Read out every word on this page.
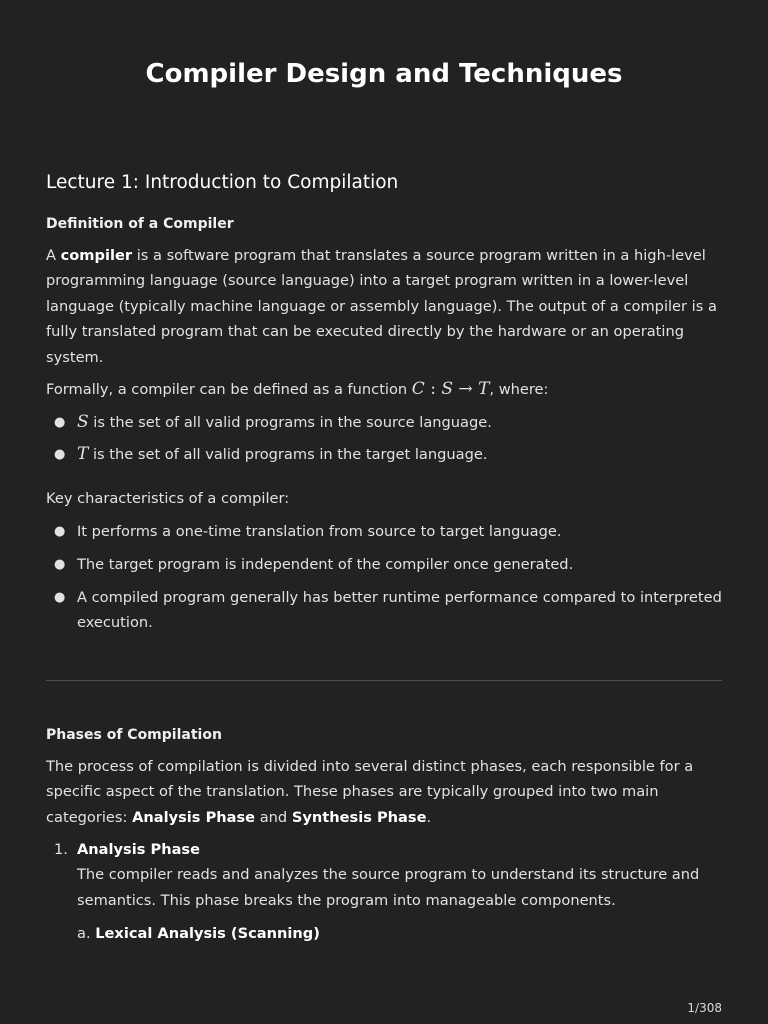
Compiler Design and Techniques
Lecture 1: Introduction to Compilation
Definition of a Compiler
A compiler is a software program that translates a source program written in a high-level programming language (source language) into a target program written in a lower-level language (typically machine language or assembly language). The output of a compiler is a fully translated program that can be executed directly by the hardware or an operating system.
Formally, a compiler can be defined as a function C : S → T, where:
● S is the set of all valid programs in the source language.
● T is the set of all valid programs in the target language.
Key characteristics of a compiler:
● It performs a one-time translation from source to target language.
● The target program is independent of the compiler once generated.
● A compiled program generally has better runtime performance compared to interpreted execution.
Phases of Compilation
The process of compilation is divided into several distinct phases, each responsible for a specific aspect of the translation. These phases are typically grouped into two main categories: Analysis Phase and Synthesis Phase.
1. Analysis Phase
The compiler reads and analyzes the source program to understand its structure and semantics. This phase breaks the program into manageable components.
a. Lexical Analysis (Scanning)
1/308
